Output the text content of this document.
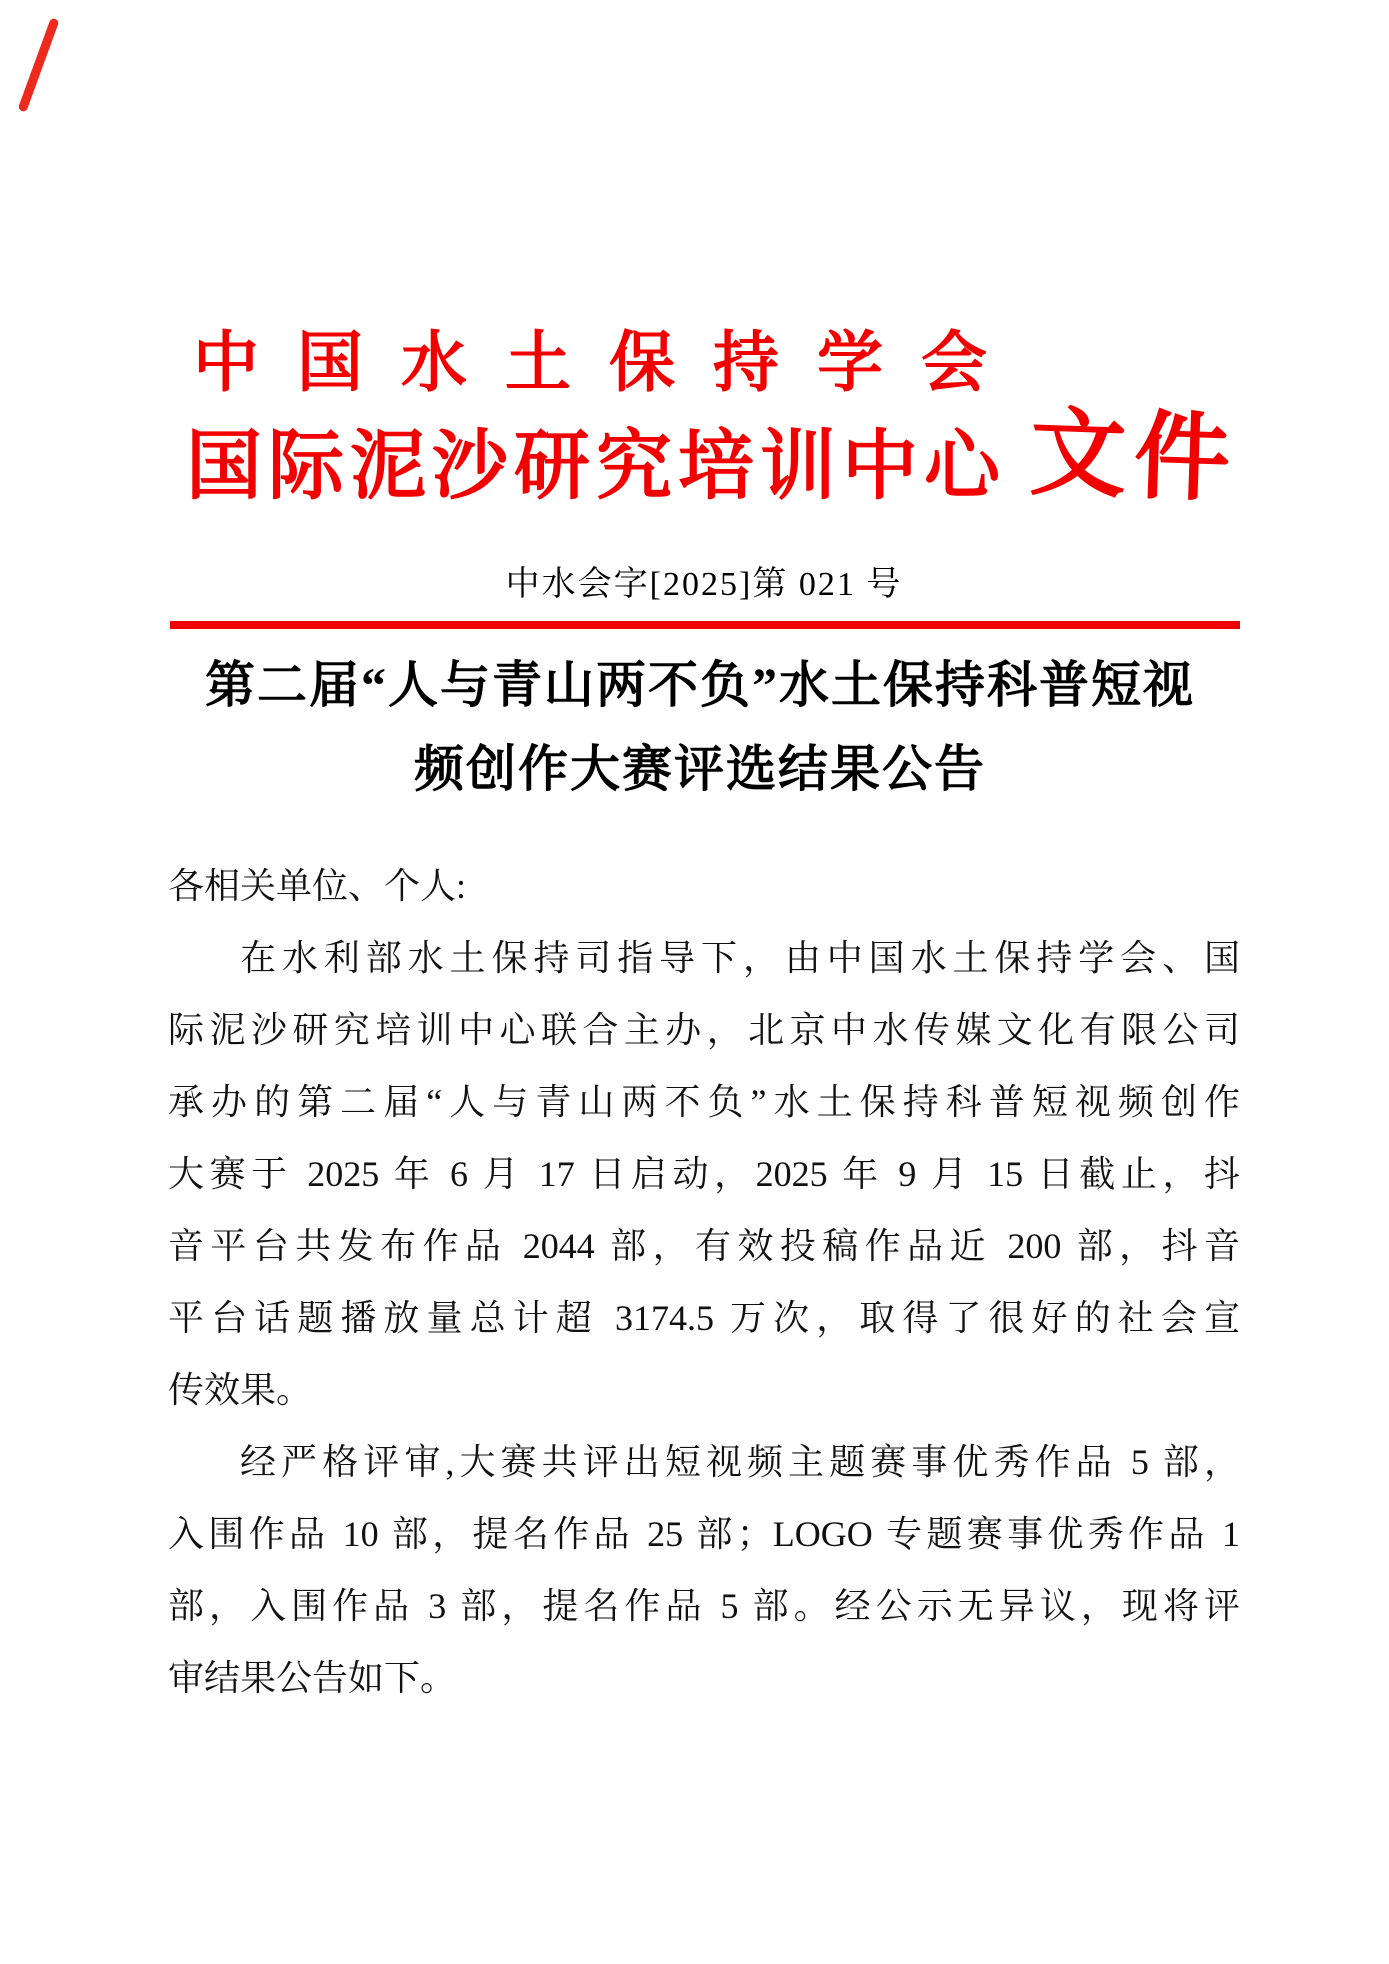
中国水土保持学会
国际泥沙研究培训中心 文件
中水会字[2025]第 021 号
第二届“人与青山两不负”水土保持科普短视
频创作大赛评选结果公告
各相关单位、个人:
在水利部水土保持司指导下，由中国水土保持学会、国
际泥沙研究培训中心联合主办，北京中水传媒文化有限公司
承办的第二届“人与青山两不负”水土保持科普短视频创作
大赛于 2025 年 6 月 17 日启动，2025 年 9 月 15 日截止，抖
音平台共发布作品 2044 部，有效投稿作品近 200 部，抖音
平台话题播放量总计超 3174.5 万次，取得了很好的社会宣
传效果。
经严格评审,大赛共评出短视频主题赛事优秀作品 5 部，
入围作品 10 部，提名作品 25 部；LOGO 专题赛事优秀作品 1
部，入围作品 3 部，提名作品 5 部。经公示无异议，现将评
审结果公告如下。
